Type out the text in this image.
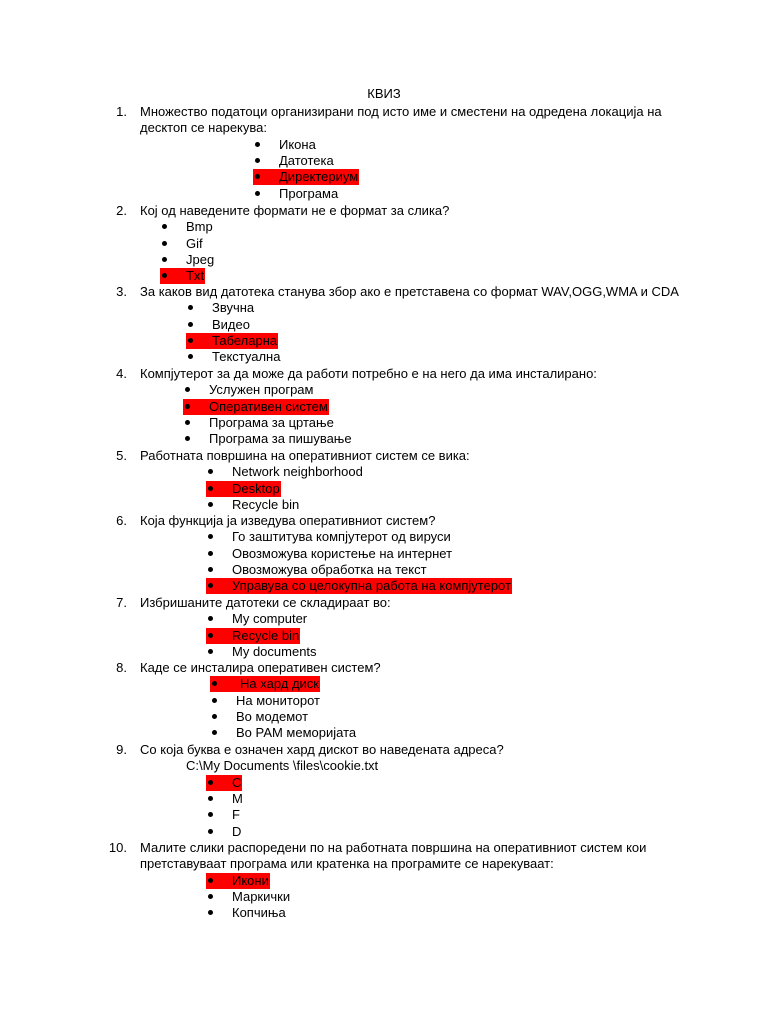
КВИЗ
1. Множество податоци организирани под исто име и сместени на одредена локација на
десктоп се нарекува:
Икона
Датотека
Директериум
Програма
2. Кој од наведените формати не е формат за слика?
Bmp
Gif
Jpeg
Txt
3. За каков вид датотека станува збор ако е претставена со формат WAV,OGG,WMA и CDA
Звучна
Видео
Табеларна
Текстуална
4. Компјутерот за да може да работи потребно е на него да има инсталирано:
Услужен програм
Оперативен систем
Програма за цртање
Програма за пишување
5. Работната површина на оперативниот систем се вика:
Network neighborhood
Desktop
Recycle bin
6. Која функција ја изведува оперативниот систем?
Го заштитува компјутерот од вируси
Овозможува користење на интернет
Овозможува обработка на текст
Управува со целокупна работа на компјутерот
7. Избришаните датотеки се складираат во:
My computer
Recycle bin
My documents
8. Каде се инсталира оперативен систем?
На хард диск
На мониторот
Во модемот
Во РАМ меморијата
9. Со која буква е означен хард дискот во наведената адреса?
C:\My Documents \files\cookie.txt
C
M
F
D
10. Малите слики распоредени по на работната површина на оперативниот систем кои
претставуваат програма или кратенка на програмите се нарекуваат:
Икони
Маркички
Копчиња
